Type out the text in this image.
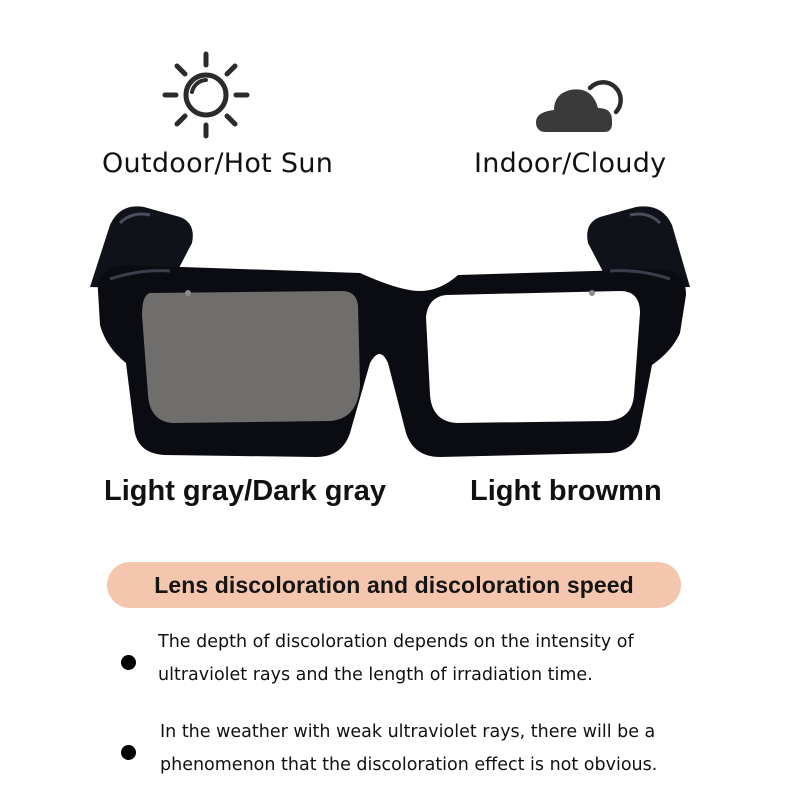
Outdoor/Hot Sun	Indoor/Cloudy
Light gray/Dark gray	Light browmn
Lens discoloration and discoloration speed
The depth of discoloration depends on the intensity of
ultraviolet rays and the length of irradiation time.
In the weather with weak ultraviolet rays, there will be a
phenomenon that the discoloration effect is not obvious.
